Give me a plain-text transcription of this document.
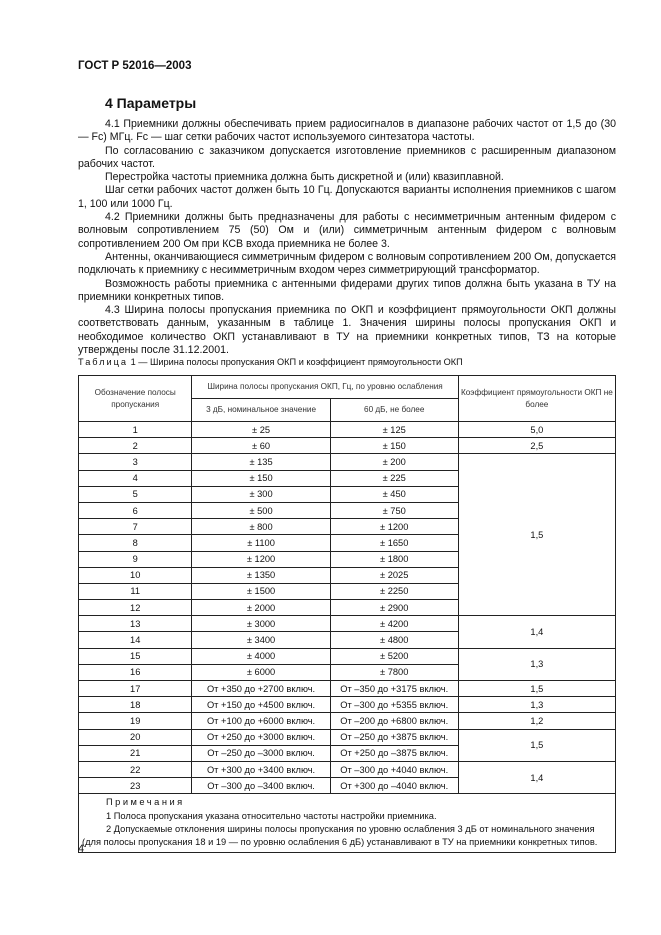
ГОСТ Р 52016—2003
4 Параметры

4.1 Приемники должны обеспечивать прием радиосигналов в диапазоне рабочих частот от 1,5 до (30 — Fc) МГц. Fc — шаг сетки рабочих частот используемого синтезатора частоты.

По согласованию с заказчиком допускается изготовление приемников с расширенным диапазоном рабочих частот.

Перестройка частоты приемника должна быть дискретной и (или) квазиплавной.

Шаг сетки рабочих частот должен быть 10 Гц. Допускаются варианты исполнения приемников с шагом 1, 100 или 1000 Гц.

4.2 Приемники должны быть предназначены для работы с несимметричным антенным фидером с волновым сопротивлением 75 (50) Ом и (или) симметричным антенным фидером с волновым сопротивлением 200 Ом при КСВ входа приемника не более 3.

Антенны, оканчивающиеся симметричным фидером с волновым сопротивлением 200 Ом, допускается подключать к приемнику с несимметричным входом через симметрирующий трансформатор.

Возможность работы приемника с антенными фидерами других типов должна быть указана в ТУ на приемники конкретных типов.

4.3 Ширина полосы пропускания приемника по ОКП и коэффициент прямоугольности ОКП должны соответствовать данным, указанным в таблице 1. Значения ширины полосы пропускания ОКП и необходимое количество ОКП устанавливают в ТУ на приемники конкретных типов, ТЗ на которые утверждены после 31.12.2001.

Таблица 1 — Ширина полосы пропускания ОКП и коэффициент прямоугольности ОКП
Обозначение полосы пропускания	Ширина полосы пропускания ОКП, Гц, по уровню ослабления		Коэффициент прямоугольности ОКП не более
	3 дБ, номинальное значение	60 дБ, не более	
1	± 25	± 125	5,0
2	± 60	± 150	2,5
3	± 135	± 200	1,5
4	± 150	± 225	
5	± 300	± 450	
6	± 500	± 750	
7	± 800	± 1200	
8	± 1100	± 1650	
9	± 1200	± 1800	
10	± 1350	± 2025	
11	± 1500	± 2250	
12	± 2000	± 2900	
13	± 3000	± 4200	1,4
14	± 3400	± 4800	
15	± 4000	± 5200	1,3
16	± 6000	± 7800	
17	От +350 до +2700 включ.	От –350 до +3175 включ.	1,5
18	От +150 до +4500 включ.	От –300 до +5355 включ.	1,3
19	От +100 до +6000 включ.	От –200 до +6800 включ.	1,2
20	От +250 до +3000 включ.	От –250 до +3875 включ.	1,5
21	От –250 до –3000 включ.	От +250 до –3875 включ.	
22	От +300 до +3400 включ.	От –300 до +4040 включ.	1,4
23	От –300 до –3400 включ.	От +300 до –4040 включ.	

Примечания

1 Полоса пропускания указана относительно частоты настройки приемника.

2 Допускаемые отклонения ширины полосы пропускания по уровню ослабления 3 дБ от номинального значения (для полосы пропускания 18 и 19 — по уровню ослабления 6 дБ) устанавливают в ТУ на приемники конкретных типов.			

4
